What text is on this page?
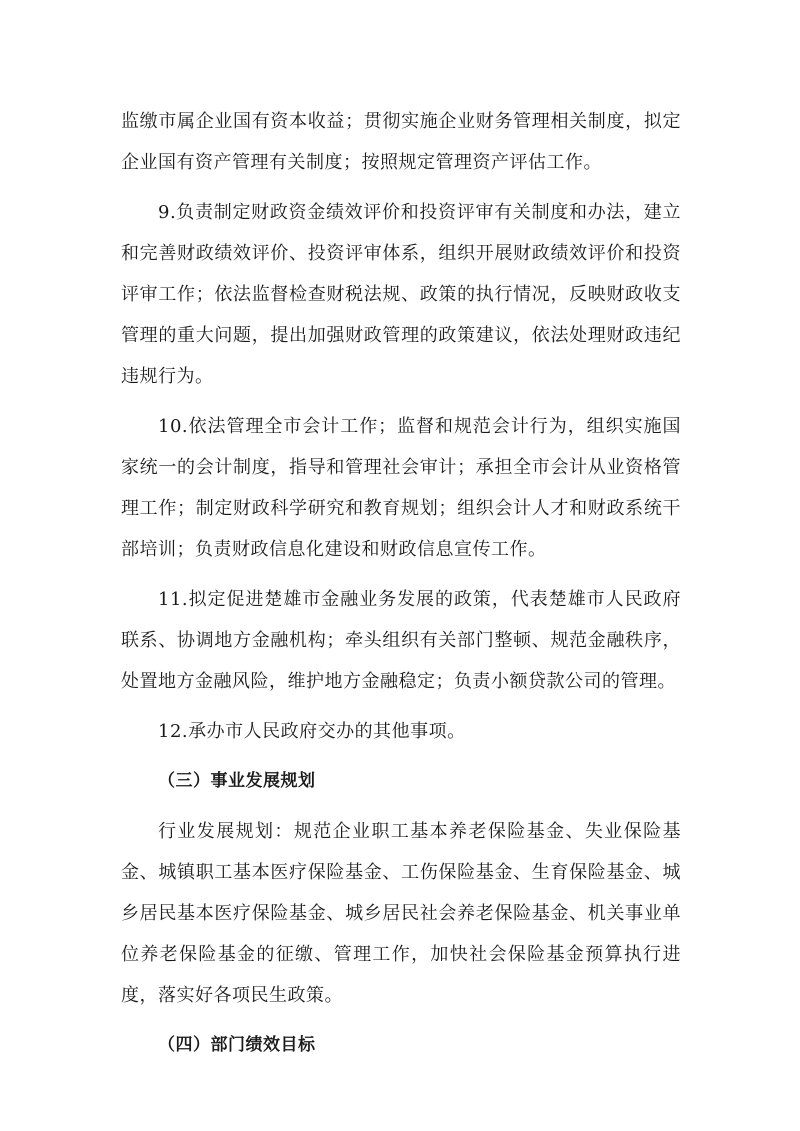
监缴市属企业国有资本收益；贯彻实施企业财务管理相关制度，拟定企业国有资产管理有关制度；按照规定管理资产评估工作。

9.负责制定财政资金绩效评价和投资评审有关制度和办法，建立和完善财政绩效评价、投资评审体系，组织开展财政绩效评价和投资评审工作；依法监督检查财税法规、政策的执行情况，反映财政收支管理的重大问题，提出加强财政管理的政策建议，依法处理财政违纪违规行为。

10.依法管理全市会计工作；监督和规范会计行为，组织实施国家统一的会计制度，指导和管理社会审计；承担全市会计从业资格管理工作；制定财政科学研究和教育规划；组织会计人才和财政系统干部培训；负责财政信息化建设和财政信息宣传工作。

11.拟定促进楚雄市金融业务发展的政策，代表楚雄市人民政府联系、协调地方金融机构；牵头组织有关部门整顿、规范金融秩序，处置地方金融风险，维护地方金融稳定；负责小额贷款公司的管理。

12.承办市人民政府交办的其他事项。

（三）事业发展规划

行业发展规划：规范企业职工基本养老保险基金、失业保险基金、城镇职工基本医疗保险基金、工伤保险基金、生育保险基金、城乡居民基本医疗保险基金、城乡居民社会养老保险基金、机关事业单位养老保险基金的征缴、管理工作，加快社会保险基金预算执行进度，落实好各项民生政策。

（四）部门绩效目标
